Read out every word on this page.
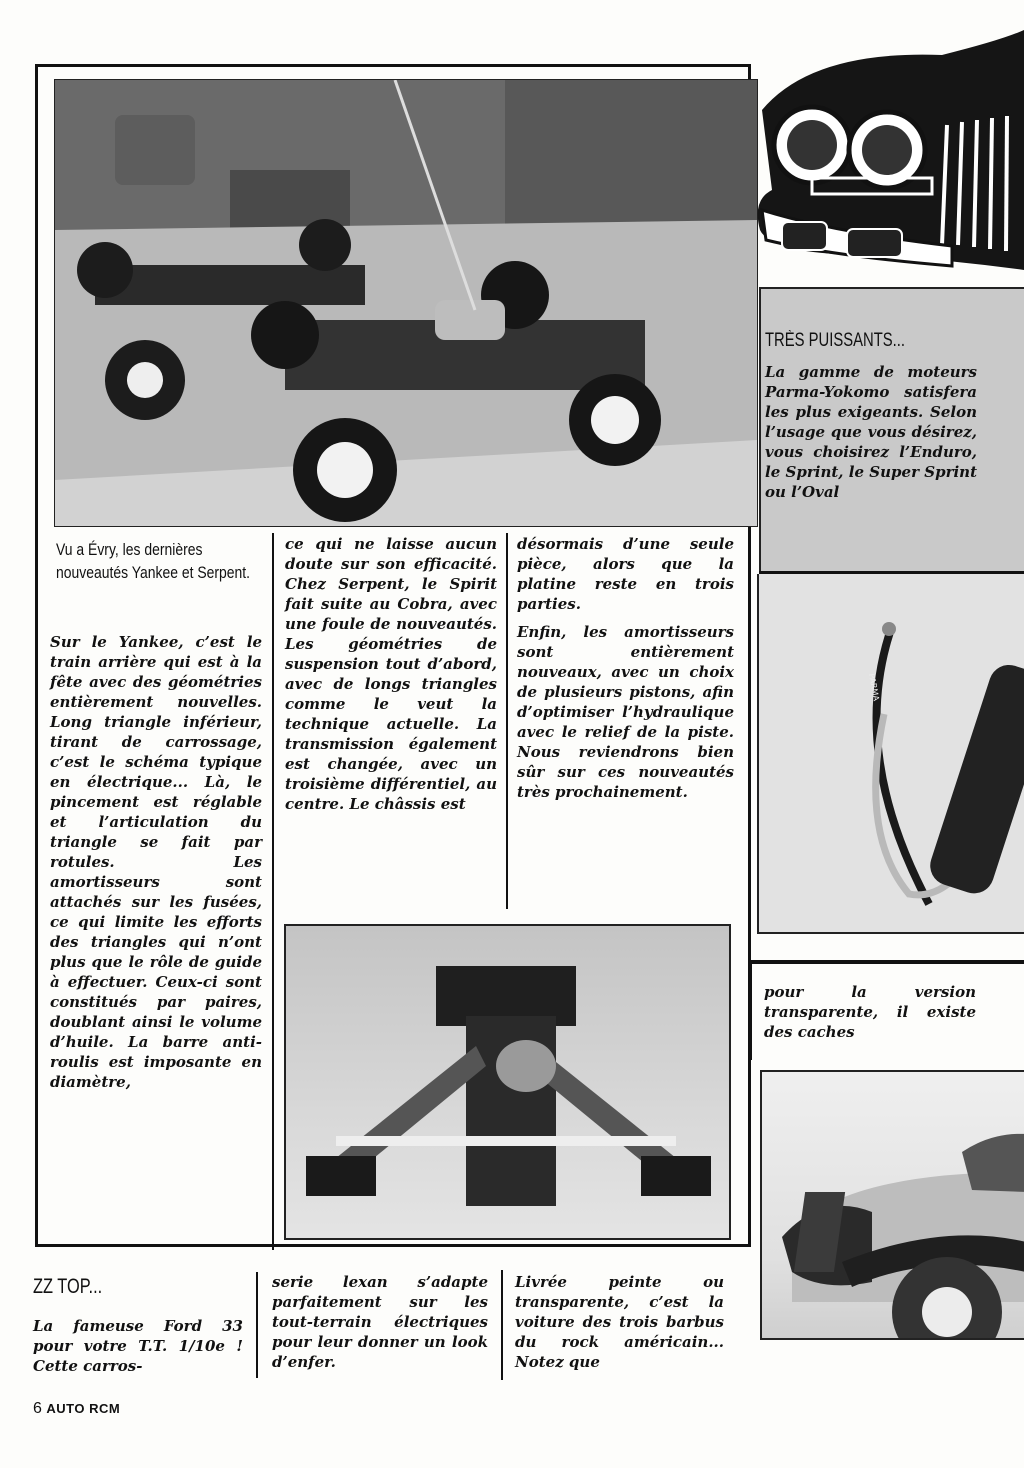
Vu a Évry, les dernières nouveautés Yankee et Serpent.

Sur le Yankee, c’est le train arrière qui est à la fête avec des géométries entièrement nouvelles. Long triangle inférieur, tirant de carrossage, c’est le schéma typique en électrique... Là, le pincement est réglable et l’articulation du triangle se fait par rotules. Les amortisseurs sont attachés sur les fusées, ce qui limite les efforts des triangles qui n’ont plus que le rôle de guide à effectuer. Ceux-ci sont constitués par paires, doublant ainsi le volume d’huile. La barre anti-roulis est imposante en diamètre,

ce qui ne laisse aucun doute sur son efficacité. Chez Serpent, le Spirit fait suite au Cobra, avec une foule de nouveautés. Les géométries de suspension tout d’abord, avec de longs triangles comme le veut la technique actuelle. La transmission également est changée, avec un troisième différentiel, au centre. Le châssis est

désormais d’une seule pièce, alors que la platine reste en trois parties.

Enfin, les amortisseurs sont entièrement nouveaux, avec un choix de plusieurs pistons, afin d’optimiser l’hydraulique avec le relief de la piste. Nous reviendrons bien sûr sur ces nouveautés très prochainement.

TRÈS PUISSANTS...
La gamme de moteurs Parma-Yokomo satisfera les plus exigeants. Selon l’usage que vous désirez, vous choisirez l’Enduro, le Sprint, le Super Sprint ou l’Oval
PARMA
pour la version transparente, il existe des caches
ZZ TOP...
La fameuse Ford 33 pour votre T.T. 1/10e ! Cette carros-
serie lexan s’adapte parfaitement sur les tout-terrain électriques pour leur donner un look d’enfer.
Livrée peinte ou transparente, c’est la voiture des trois barbus du rock américain... Notez que
6 AUTO RCM
